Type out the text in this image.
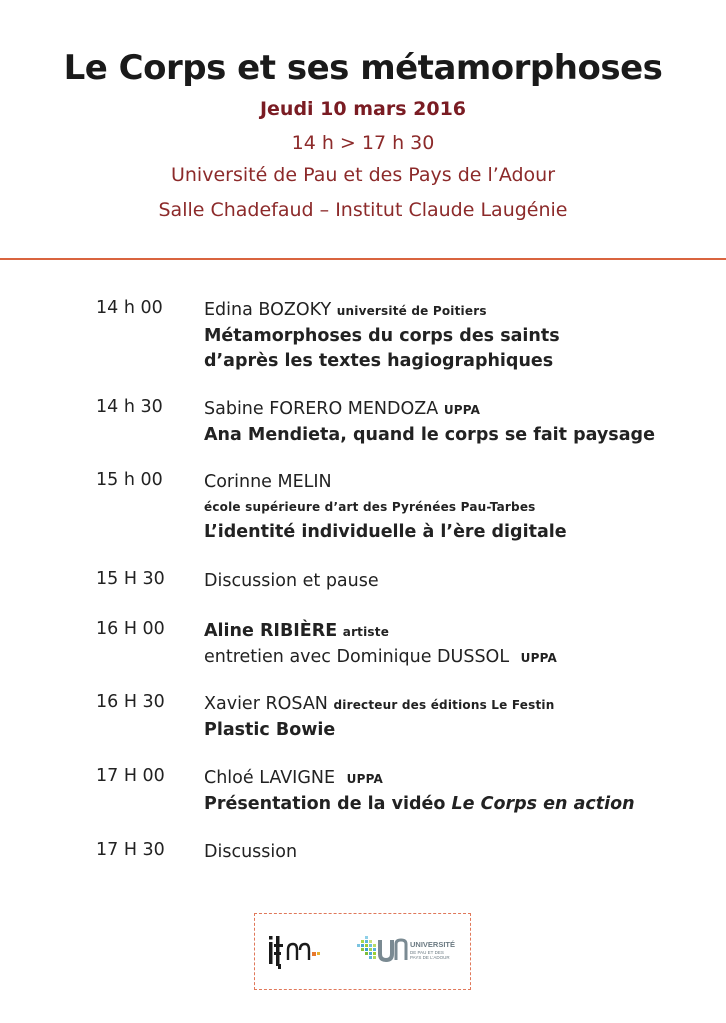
Le Corps et ses métamorphoses
Jeudi 10 mars 2016
14 h > 17 h 30
Université de Pau et des Pays de l’Adour
Salle Chadefaud – Institut Claude Laugénie
14 h 00 Edina BOZOKY université de Poitiers
Métamorphoses du corps des saints
d’après les textes hagiographiques
14 h 30 Sabine FORERO MENDOZA UPPA
Ana Mendieta, quand le corps se fait paysage
15 h 00 Corinne MELIN
école supérieure d’art des Pyrénées Pau-Tarbes
L’identité individuelle à l’ère digitale
15 H 30 Discussion et pause
16 H 00 Aline RIBIÈRE artiste
entretien avec Dominique DUSSOL UPPA
16 H 30 Xavier ROSAN directeur des éditions Le Festin
Plastic Bowie
17 H 00 Chloé LAVIGNE UPPA
Présentation de la vidéo Le Corps en action
17 H 30 Discussion
UNIVERSITÉ
DE PAU ET DES
PAYS DE L’ADOUR
